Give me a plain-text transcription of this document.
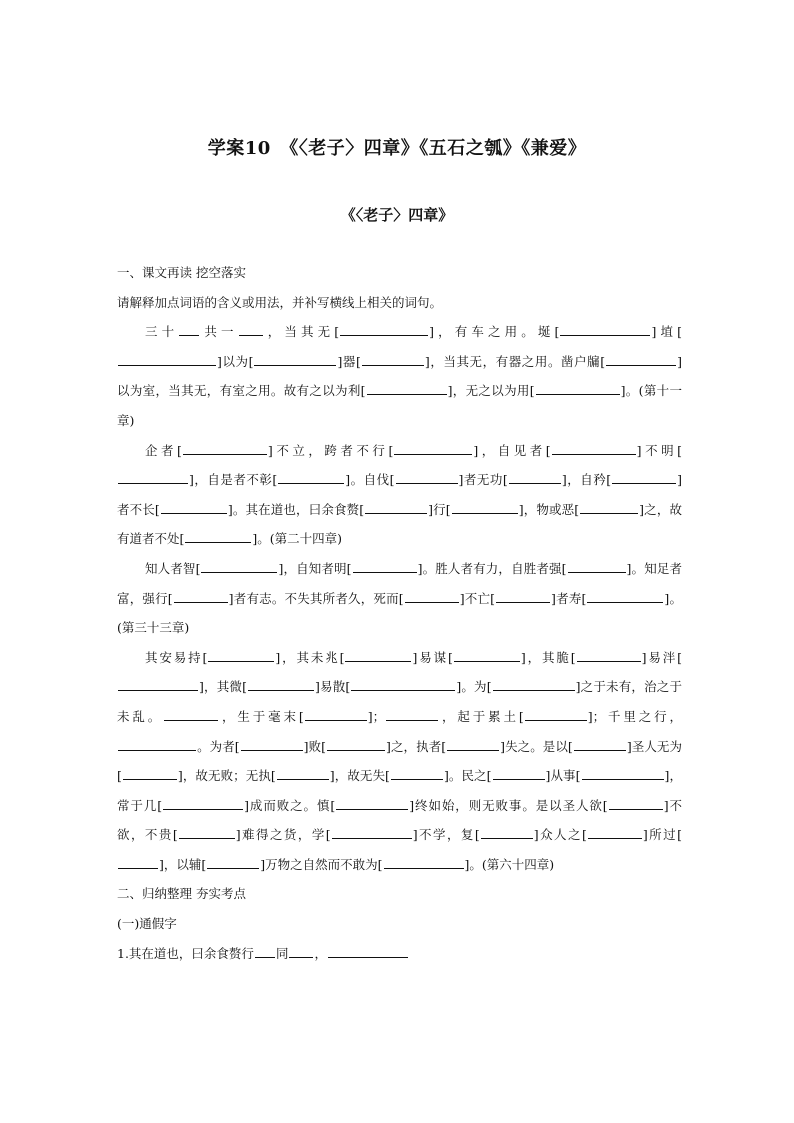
学案10　《〈老子〉四章》《五石之瓠》《兼爱》
《〈老子〉四章》

一、课文再读 挖空落实

请解释加点词语的含义或用法，并补写横线上相关的词句。

三十 共一 ，当其无[	]，有车之用。埏[	]埴[]以为[	]器[	]，当其无，有器之用。凿户牖[	]以为室，当其无，有室之用。故有之以为利[	]，无之以为用[	]。(第十一章)

企者[	]不立，跨者不行[	]，自见者[	]不明[]，自是者不彰[	]。自伐[	]者无功[	]，自矜[	]者不长[	]。其在道也，曰余食赘[	]行[	]，物或恶[	]之，故有道者不处[	]。(第二十四章)

知人者智[	]，自知者明[	]。胜人者有力，自胜者强[	]。知足者富，强行[	]者有志。不失其所者久，死而[	]不亡[	]者寿[	]。(第三十三章)

其安易持[	]，其未兆[	]易谋[	]，其脆[	]易泮[]，其微[	]易散[	]。为[	]之于未有，治之于未乱。	，生于毫末[	]；	，起于累土[	]；千里之行，。为者[	]败[	]之，执者[	]失之。是以[	]圣人无为[	]，故无败；无执[	]，故无失[	]。民之[	]从事[	]，常于几[	]成而败之。慎[	]终如始，则无败事。是以圣人欲[	]不欲，不贵[	]难得之货，学[	]不学，复[	]众人之[	]所过[]，以辅[	]万物之自然而不敢为[	]。(第六十四章)

二、归纳整理 夯实考点

(一)通假字

1.其在道也，曰余食赘行 同 ，
